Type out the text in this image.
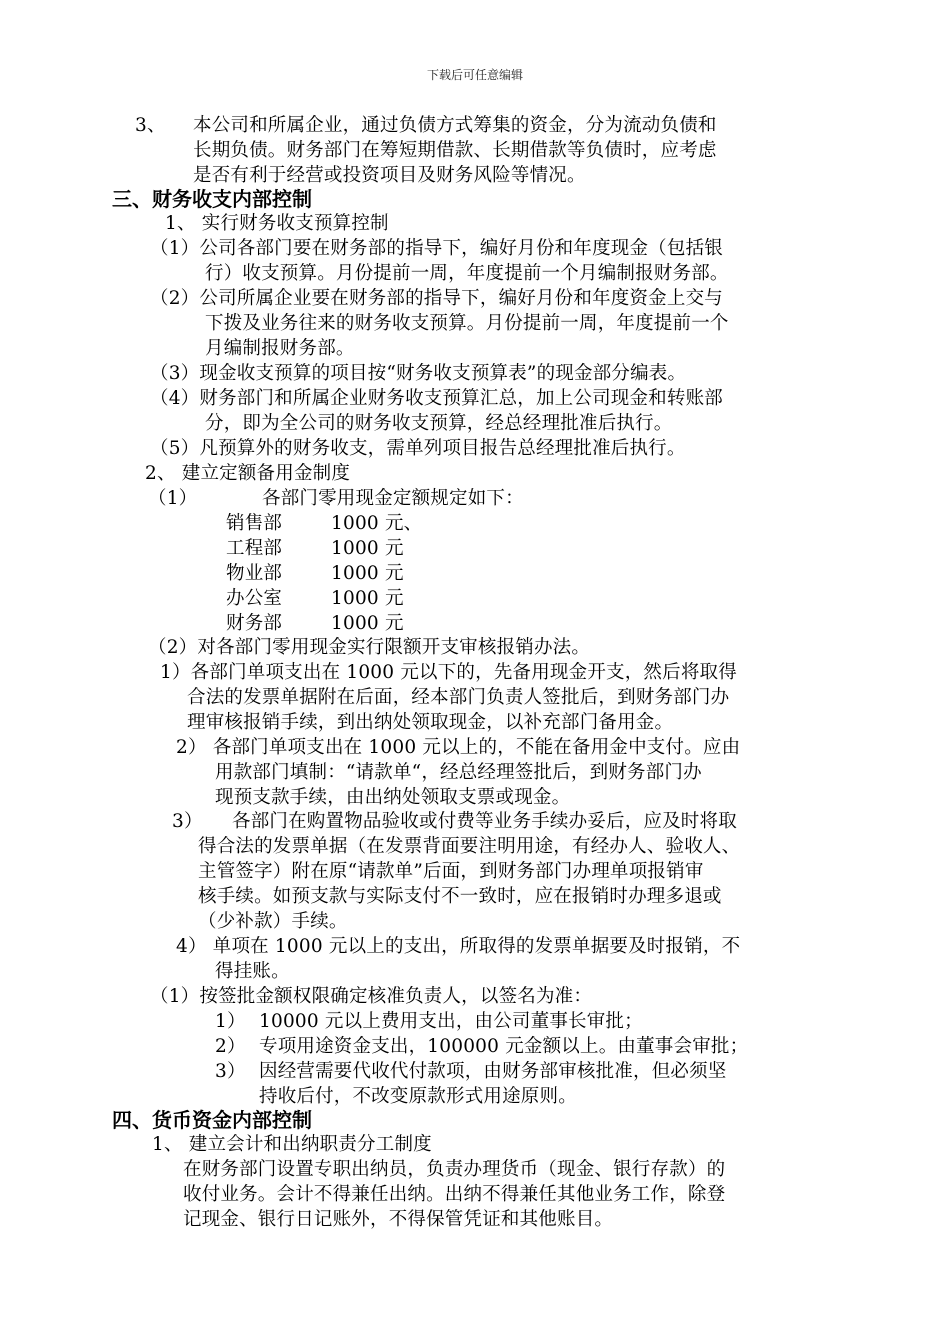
下载后可任意编辑
3、 本公司和所属企业，通过负债方式筹集的资金，分为流动负债和
长期负债。财务部门在筹短期借款、长期借款等负债时，应考虑
是否有利于经营或投资项目及财务风险等情况。
三、财务收支内部控制
1、 实行财务收支预算控制
（1）公司各部门要在财务部的指导下，编好月份和年度现金（包括银
行）收支预算。月份提前一周，年度提前一个月编制报财务部。
（2）公司所属企业要在财务部的指导下，编好月份和年度资金上交与
下拨及业务往来的财务收支预算。月份提前一周，年度提前一个
月编制报财务部。
（3）现金收支预算的项目按“财务收支预算表”的现金部分编表。
（4）财务部门和所属企业财务收支预算汇总，加上公司现金和转账部
分，即为全公司的财务收支预算，经总经理批准后执行。
（5）凡预算外的财务收支，需单列项目报告总经理批准后执行。
2、 建立定额备用金制度
（1）	各部门零用现金定额规定如下：
销售部	1000 元、
工程部	1000 元
物业部	1000 元
办公室	1000 元
财务部	1000 元
（2）对各部门零用现金实行限额开支审核报销办法。
1）各部门单项支出在 1000 元以下的，先备用现金开支，然后将取得
合法的发票单据附在后面，经本部门负责人签批后，到财务部门办
理审核报销手续，到出纳处领取现金，以补充部门备用金。
2） 各部门单项支出在 1000 元以上的，不能在备用金中支付。应由
用款部门填制：“请款单“，经总经理签批后，到财务部门办
现预支款手续，由出纳处领取支票或现金。
3） 各部门在购置物品验收或付费等业务手续办妥后，应及时将取
得合法的发票单据（在发票背面要注明用途，有经办人、验收人、
主管签字）附在原“请款单”后面，到财务部门办理单项报销审
核手续。如预支款与实际支付不一致时，应在报销时办理多退或
（少补款）手续。
4） 单项在 1000 元以上的支出，所取得的发票单据要及时报销，不
得挂账。
（1）按签批金额权限确定核准负责人，以签名为准：
1） 10000 元以上费用支出，由公司董事长审批；
2） 专项用途资金支出，100000 元金额以上。由董事会审批；
3） 因经营需要代收代付款项，由财务部审核批准，但必须坚
持收后付，不改变原款形式用途原则。
四、货币资金内部控制
1、 建立会计和出纳职责分工制度
在财务部门设置专职出纳员，负责办理货币（现金、银行存款）的
收付业务。会计不得兼任出纳。出纳不得兼任其他业务工作，除登
记现金、银行日记账外，不得保管凭证和其他账目。
